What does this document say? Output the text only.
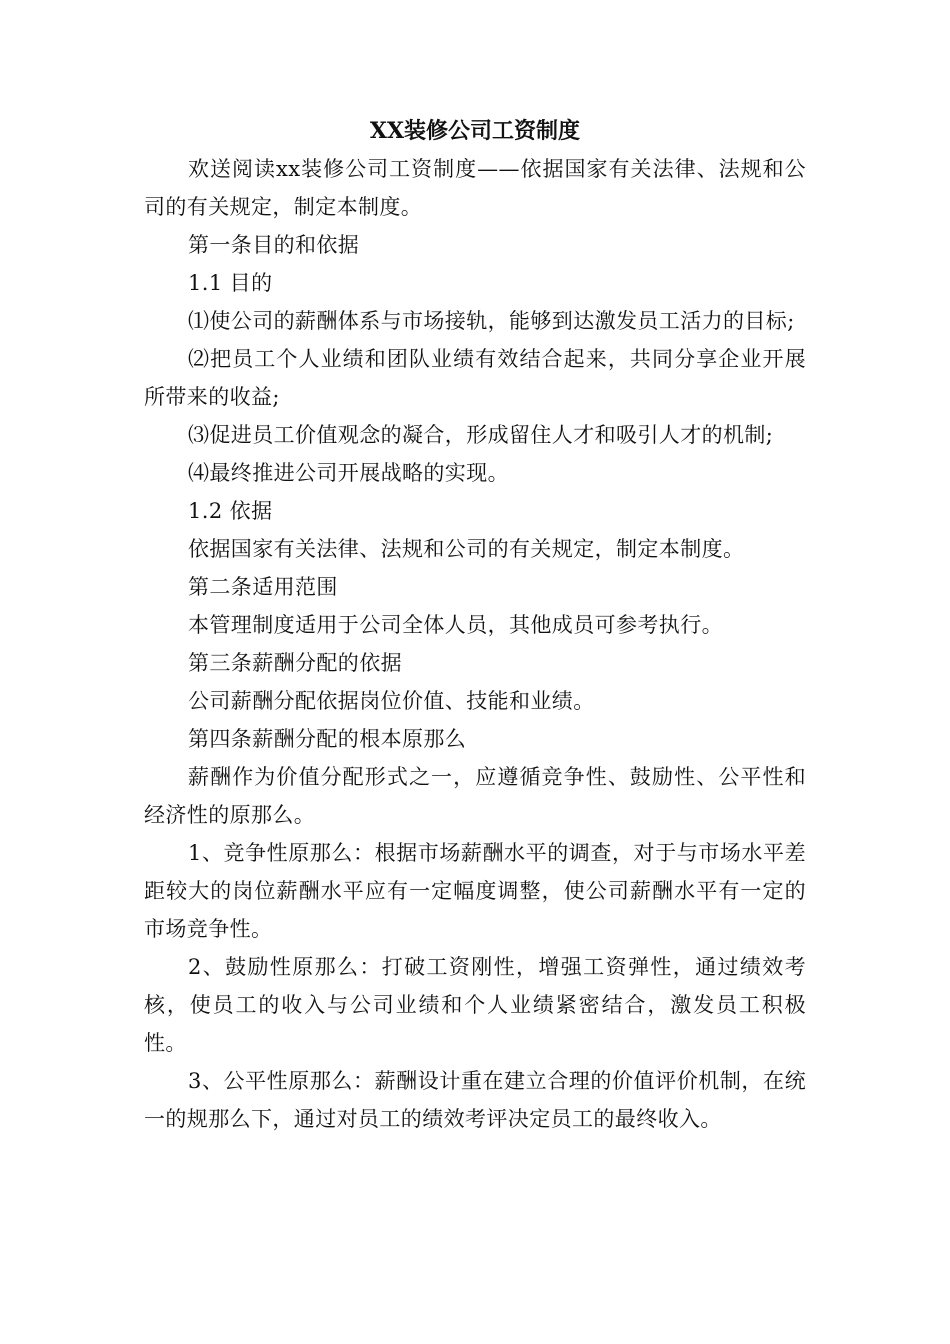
XX装修公司工资制度

欢送阅读xx装修公司工资制度——依据国家有关法律、法规和公司的有关规定，制定本制度。

第一条目的和依据

1.1 目的

⑴使公司的薪酬体系与市场接轨，能够到达激发员工活力的目标;

⑵把员工个人业绩和团队业绩有效结合起来，共同分享企业开展所带来的收益;

⑶促进员工价值观念的凝合，形成留住人才和吸引人才的机制;

⑷最终推进公司开展战略的实现。

1.2 依据

依据国家有关法律、法规和公司的有关规定，制定本制度。

第二条适用范围

本管理制度适用于公司全体人员，其他成员可参考执行。

第三条薪酬分配的依据

公司薪酬分配依据岗位价值、技能和业绩。

第四条薪酬分配的根本原那么

薪酬作为价值分配形式之一，应遵循竞争性、鼓励性、公平性和经济性的原那么。

1、竞争性原那么：根据市场薪酬水平的调查，对于与市场水平差距较大的岗位薪酬水平应有一定幅度调整，使公司薪酬水平有一定的市场竞争性。

2、鼓励性原那么：打破工资刚性，增强工资弹性，通过绩效考核，使员工的收入与公司业绩和个人业绩紧密结合，激发员工积极性。

3、公平性原那么：薪酬设计重在建立合理的价值评价机制，在统一的规那么下，通过对员工的绩效考评决定员工的最终收入。
